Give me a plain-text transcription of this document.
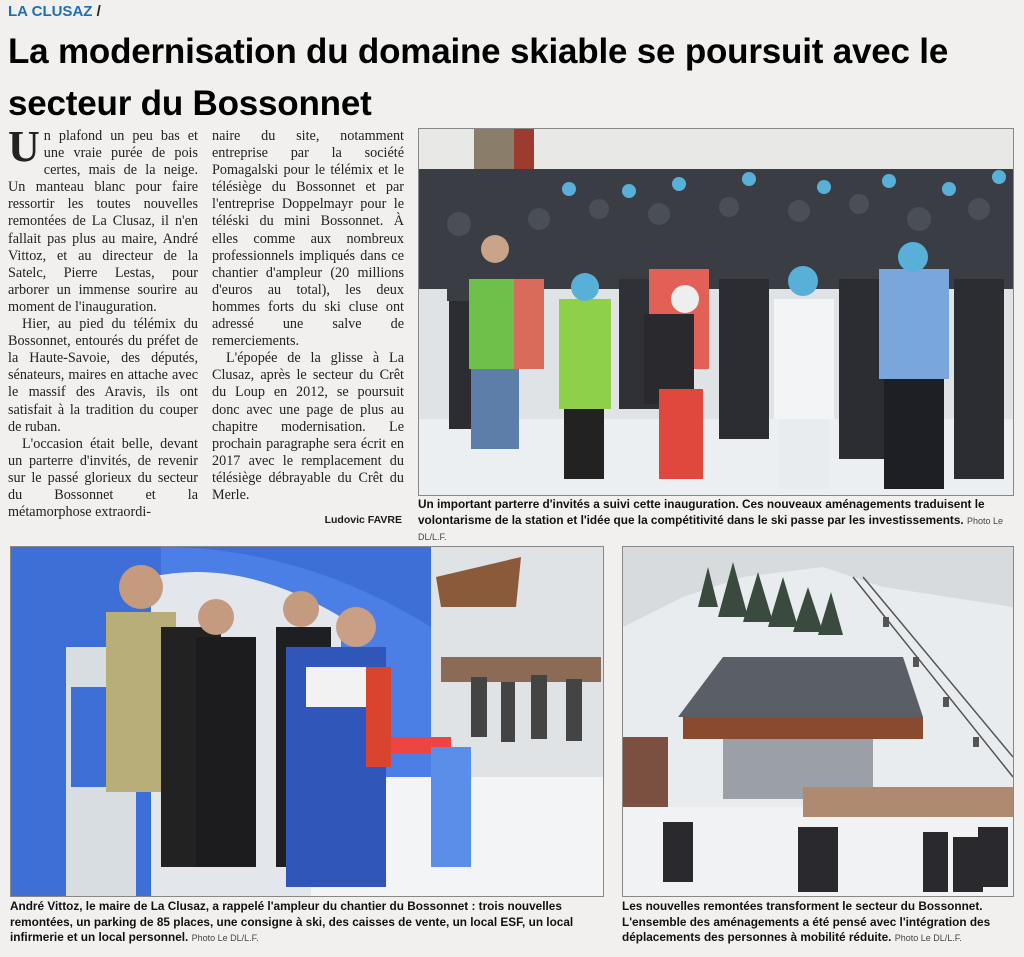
LA CLUSAZ /
La modernisation du domaine skiable se poursuit avec le secteur du Bossonnet

Un plafond un peu bas et une vraie purée de pois certes, mais de la neige. Un manteau blanc pour faire ressortir les toutes nouvelles remontées de La Clusaz, il n'en fallait pas plus au maire, André Vittoz, et au directeur de la Satelc, Pierre Lestas, pour arborer un immense sourire au moment de l'inauguration.

Hier, au pied du télémix du Bossonnet, entourés du préfet de la Haute-Savoie, des députés, sénateurs, maires en attache avec le massif des Aravis, ils ont satisfait à la tradition du couper de ruban.

L'occasion était belle, devant un parterre d'invités, de revenir sur le passé glorieux du secteur du Bossonnet et la métamorphose extraordi-

naire du site, notamment entreprise par la société Pomagalski pour le télémix et le télésiège du Bossonnet et par l'entreprise Doppelmayr pour le téléski du mini Bossonnet. À elles comme aux nombreux professionnels impliqués dans ce chantier d'ampleur (20 millions d'euros au total), les deux hommes forts du ski cluse ont adressé une salve de remerciements.

L'épopée de la glisse à La Clusaz, après le secteur du Crêt du Loup en 2012, se poursuit donc avec une page de plus au chapitre modernisation. Le prochain paragraphe sera écrit en 2017 avec le remplacement du télésiège débrayable du Crêt du Merle.

Ludovic FAVRE
Un important parterre d'invités a suivi cette inauguration. Ces nouveaux aménagements traduisent le volontarisme de la station et l'idée que la compétitivité dans le ski passe par les investissements. Photo Le DL/L.F.
André Vittoz, le maire de La Clusaz, a rappelé l'ampleur du chantier du Bossonnet : trois nouvelles remontées, un parking de 85 places, une consigne à ski, des caisses de vente, un local ESF, un local infirmerie et un local personnel. Photo Le DL/L.F.
Les nouvelles remontées transforment le secteur du Bossonnet. L'ensemble des aménagements a été pensé avec l'intégration des déplacements des personnes à mobilité réduite. Photo Le DL/L.F.
